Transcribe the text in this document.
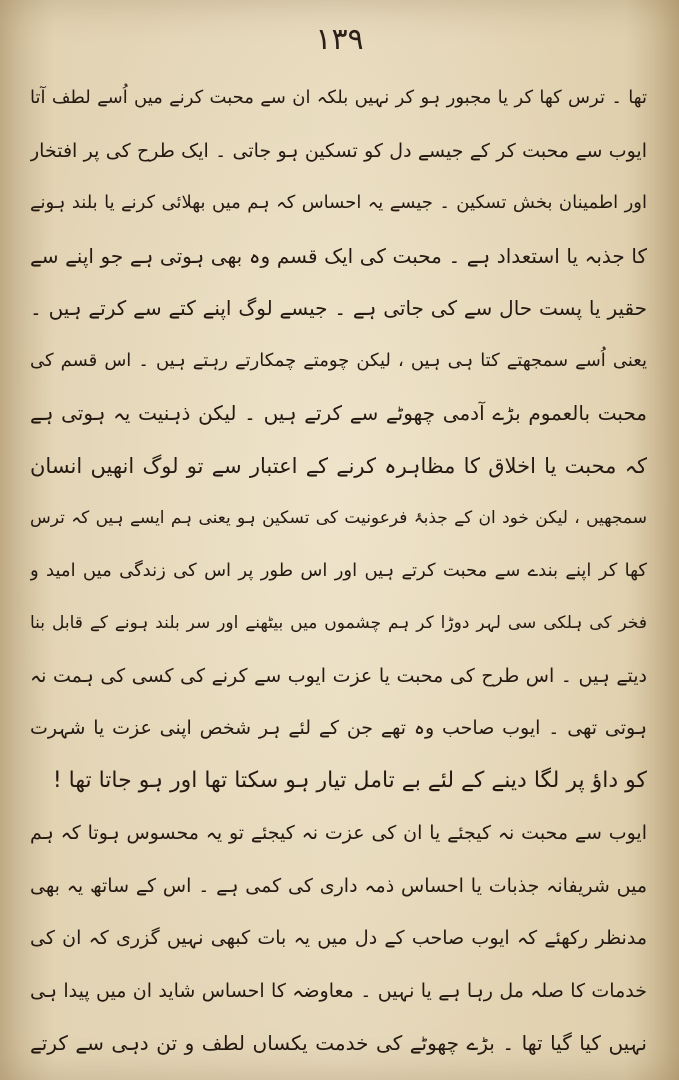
۱۳۹
تھا ۔ ترس کھا کر یا مجبور ہو کر نہیں بلکہ ان سے محبت کرنے میں اُسے لطف آتا
ایوب سے محبت کر کے جیسے دل کو تسکین ہو جاتی ۔ ایک طرح کی پر افتخار
اور اطمینان بخش تسکین ۔ جیسے یہ احساس کہ ہم میں بھلائی کرنے یا بلند ہونے
کا جذبہ یا استعداد ہے ۔ محبت کی ایک قسم وہ بھی ہوتی ہے جو اپنے سے
حقیر یا پست حال سے کی جاتی ہے ۔ جیسے لوگ اپنے کتے سے کرتے ہیں ۔
یعنی اُسے سمجھتے کتا ہی ہیں ، لیکن چومتے چمکارتے رہتے ہیں ۔ اس قسم کی
محبت بالعموم بڑے آدمی چھوٹے سے کرتے ہیں ۔ لیکن ذہنیت یہ ہوتی ہے
کہ محبت یا اخلاق کا مظاہرہ کرنے کے اعتبار سے تو لوگ انھیں انسان
سمجھیں ، لیکن خود ان کے جذبۂ فرعونیت کی تسکین ہو یعنی ہم ایسے ہیں کہ ترس
کھا کر اپنے بندے سے محبت کرتے ہیں اور اس طور پر اس کی زندگی میں امید و
فخر کی ہلکی سی لہر دوڑا کر ہم چشموں میں بیٹھنے اور سر بلند ہونے کے قابل بنا
دیتے ہیں ۔ اس طرح کی محبت یا عزت ایوب سے کرنے کی کسی کی ہمت نہ
ہوتی تھی ۔ ایوب صاحب وہ تھے جن کے لئے ہر شخص اپنی عزت یا شہرت
کو داؤ پر لگا دینے کے لئے بے تامل تیار ہو سکتا تھا اور ہو جاتا تھا !
ایوب سے محبت نہ کیجئے یا ان کی عزت نہ کیجئے تو یہ محسوس ہوتا کہ ہم
میں شریفانہ جذبات یا احساس ذمہ داری کی کمی ہے ۔ اس کے ساتھ یہ بھی
مدنظر رکھئے کہ ایوب صاحب کے دل میں یہ بات کبھی نہیں گزری کہ ان کی
خدمات کا صلہ مل رہا ہے یا نہیں ۔ معاوضہ کا احساس شاید ان میں پیدا ہی
نہیں کیا گیا تھا ۔ بڑے چھوٹے کی خدمت یکساں لطف و تن دہی سے کرتے
